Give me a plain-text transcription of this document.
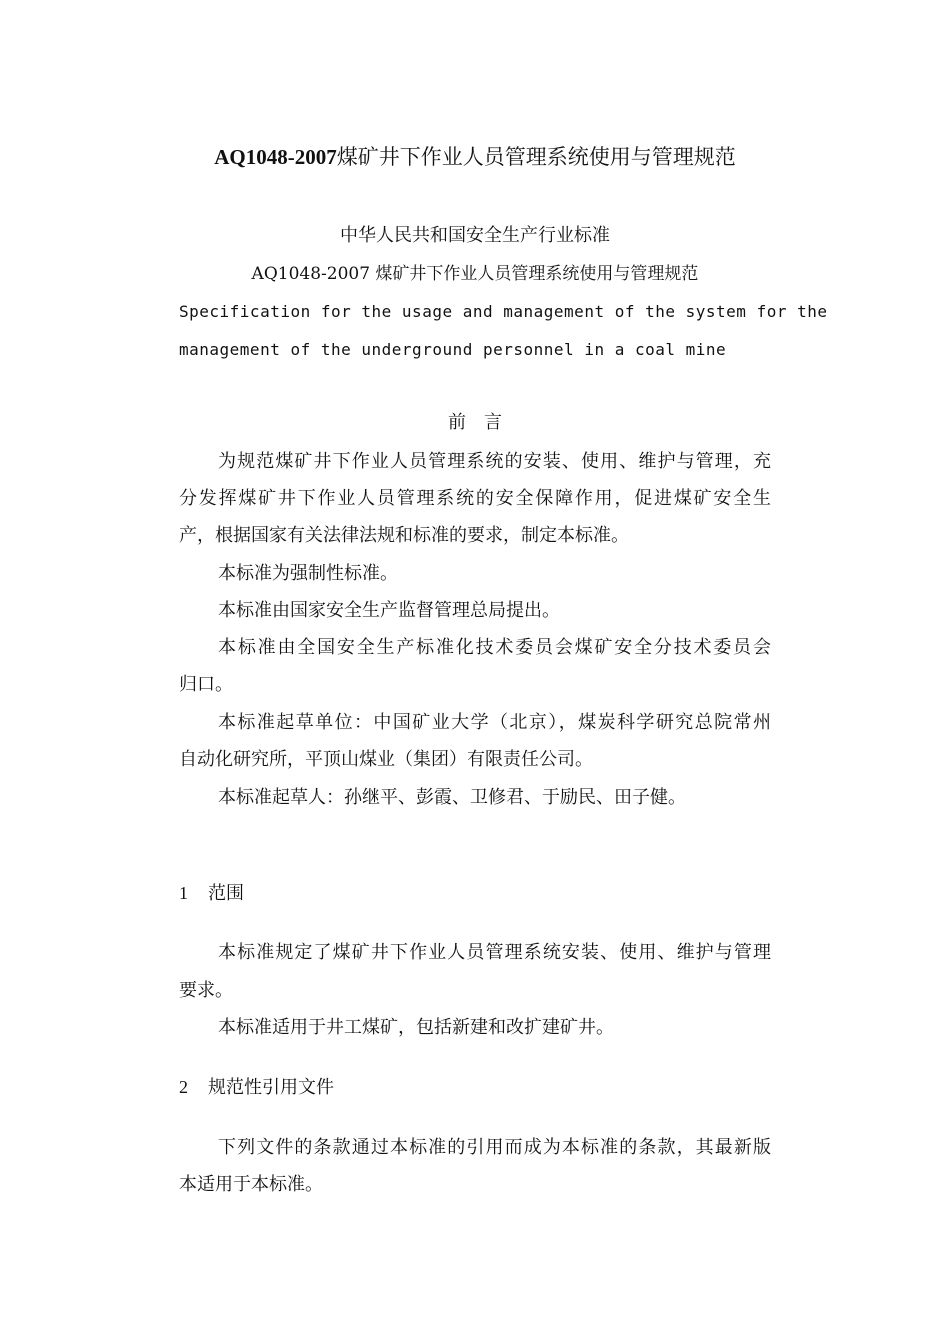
AQ1048-2007煤矿井下作业人员管理系统使用与管理规范
中华人民共和国安全生产行业标准
AQ1048-2007 煤矿井下作业人员管理系统使用与管理规范
Specification for the usage and management of the system for the
management of the underground personnel in a coal mine
前言
为规范煤矿井下作业人员管理系统的安装、使用、维护与管理，充
分发挥煤矿井下作业人员管理系统的安全保障作用，促进煤矿安全生
产，根据国家有关法律法规和标准的要求，制定本标准。
本标准为强制性标准。
本标准由国家安全生产监督管理总局提出。
本标准由全国安全生产标准化技术委员会煤矿安全分技术委员会
归口。
本标准起草单位：中国矿业大学（北京），煤炭科学研究总院常州
自动化研究所，平顶山煤业（集团）有限责任公司。
本标准起草人：孙继平、彭霞、卫修君、于励民、田子健。
1 范围
本标准规定了煤矿井下作业人员管理系统安装、使用、维护与管理
要求。
本标准适用于井工煤矿，包括新建和改扩建矿井。
2 规范性引用文件
下列文件的条款通过本标准的引用而成为本标准的条款，其最新版
本适用于本标准。
